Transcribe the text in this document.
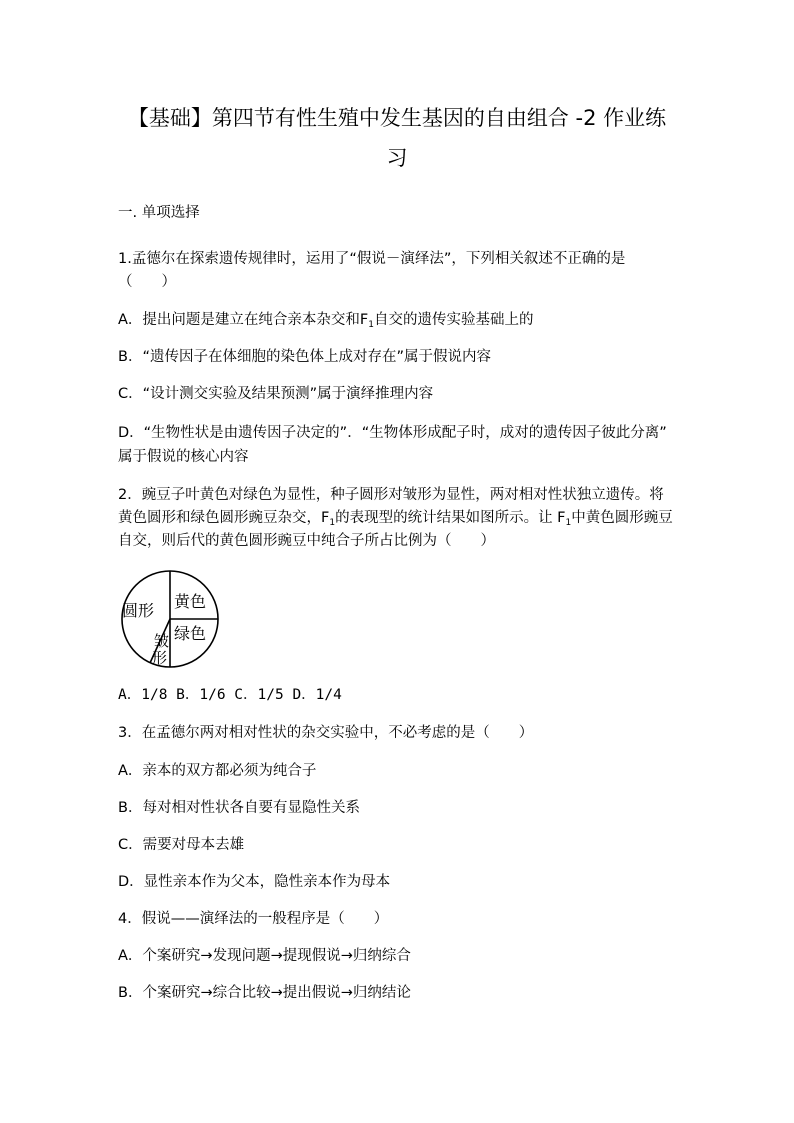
【基础】第四节有性生殖中发生基因的自由组合 -2 作业练
习
一. 单项选择
1.孟德尔在探索遗传规律时，运用了“假说－演绎法”，下列相关叙述不正确的是
（　　）
A．提出问题是建立在纯合亲本杂交和$F_1$自交的遗传实验基础上的
B．“遗传因子在体细胞的染色体上成对存在”属于假说内容
C．“设计测交实验及结果预测”属于演绎推理内容
D．“生物性状是由遗传因子决定的”．“生物体形成配子时，成对的遗传因子彼此分离”
属于假说的核心内容
2．豌豆子叶黄色对绿色为显性，种子圆形对皱形为显性，两对相对性状独立遗传。将
黄色圆形和绿色圆形豌豆杂交，$F_1$的表现型的统计结果如图所示。让 $F_1$中黄色圆形豌豆
自交，则后代的黄色圆形豌豆中纯合子所占比例为（　　）
黄色
圆形
绿色
皱
形
A．1/8 B．1/6 C．1/5 D．1/4
3．在孟德尔两对相对性状的杂交实验中，不必考虑的是（　　）
A．亲本的双方都必须为纯合子
B．每对相对性状各自要有显隐性关系
C．需要对母本去雄
D．显性亲本作为父本，隐性亲本作为母本
4．假说——演绎法的一般程序是（　　）
A．个案研究→发现问题→提现假说→归纳综合
B．个案研究→综合比较→提出假说→归纳结论
